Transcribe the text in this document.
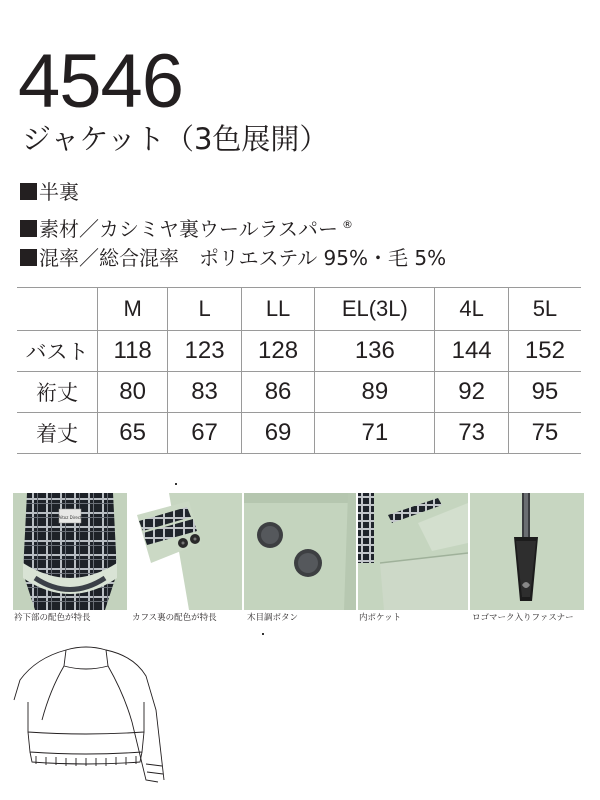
4546
ジャケット（3色展開）
半裏
素材／カシミヤ裏ウールラスパー ®
混率／総合混率　ポリエステル 95%・毛 5%
	M	L	LL	EL(3L)	4L	5L
バスト	118	123	128	136	144	152
裄丈	80	83	86	89	92	95
着丈	65	67	69	71	73	75
Aitoz Direct
衿下部の配色が特長	カフス裏の配色が特長	木目調ボタン	内ポケット	ロゴマーク入りファスナー
